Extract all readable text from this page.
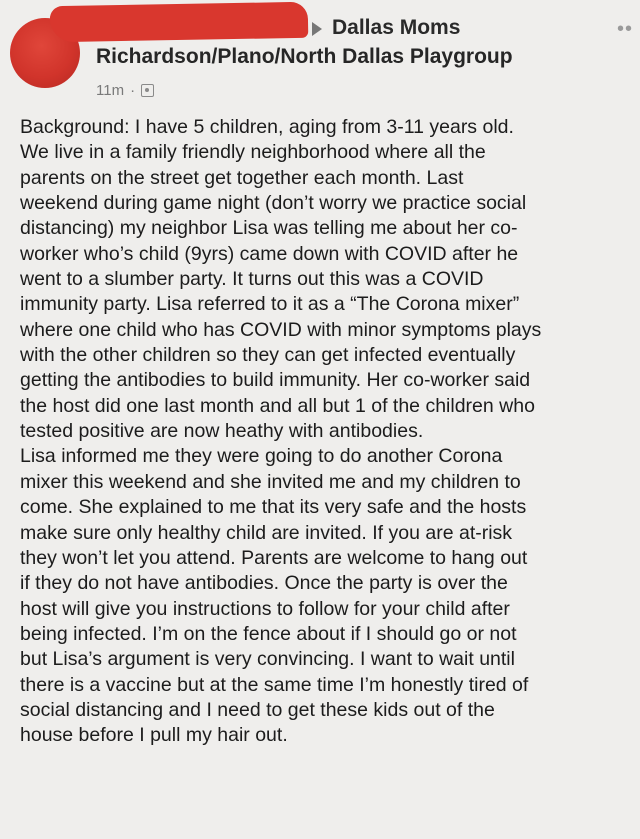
Dallas Moms	••
Richardson/Plano/North Dallas Playgroup
11m ·
Background: I have 5 children, aging from 3-11 years old.
We live in a family friendly neighborhood where all the
parents on the street get together each month. Last
weekend during game night (don’t worry we practice social
distancing) my neighbor Lisa was telling me about her co-
worker who’s child (9yrs) came down with COVID after he
went to a slumber party. It turns out this was a COVID
immunity party. Lisa referred to it as a “The Corona mixer”
where one child who has COVID with minor symptoms plays
with the other children so they can get infected eventually
getting the antibodies to build immunity. Her co-worker said
the host did one last month and all but 1 of the children who
tested positive are now heathy with antibodies.
Lisa informed me they were going to do another Corona
mixer this weekend and she invited me and my children to
come. She explained to me that its very safe and the hosts
make sure only healthy child are invited. If you are at-risk
they won’t let you attend. Parents are welcome to hang out
if they do not have antibodies. Once the party is over the
host will give you instructions to follow for your child after
being infected. I’m on the fence about if I should go or not
but Lisa’s argument is very convincing. I want to wait until
there is a vaccine but at the same time I’m honestly tired of
social distancing and I need to get these kids out of the
house before I pull my hair out.
